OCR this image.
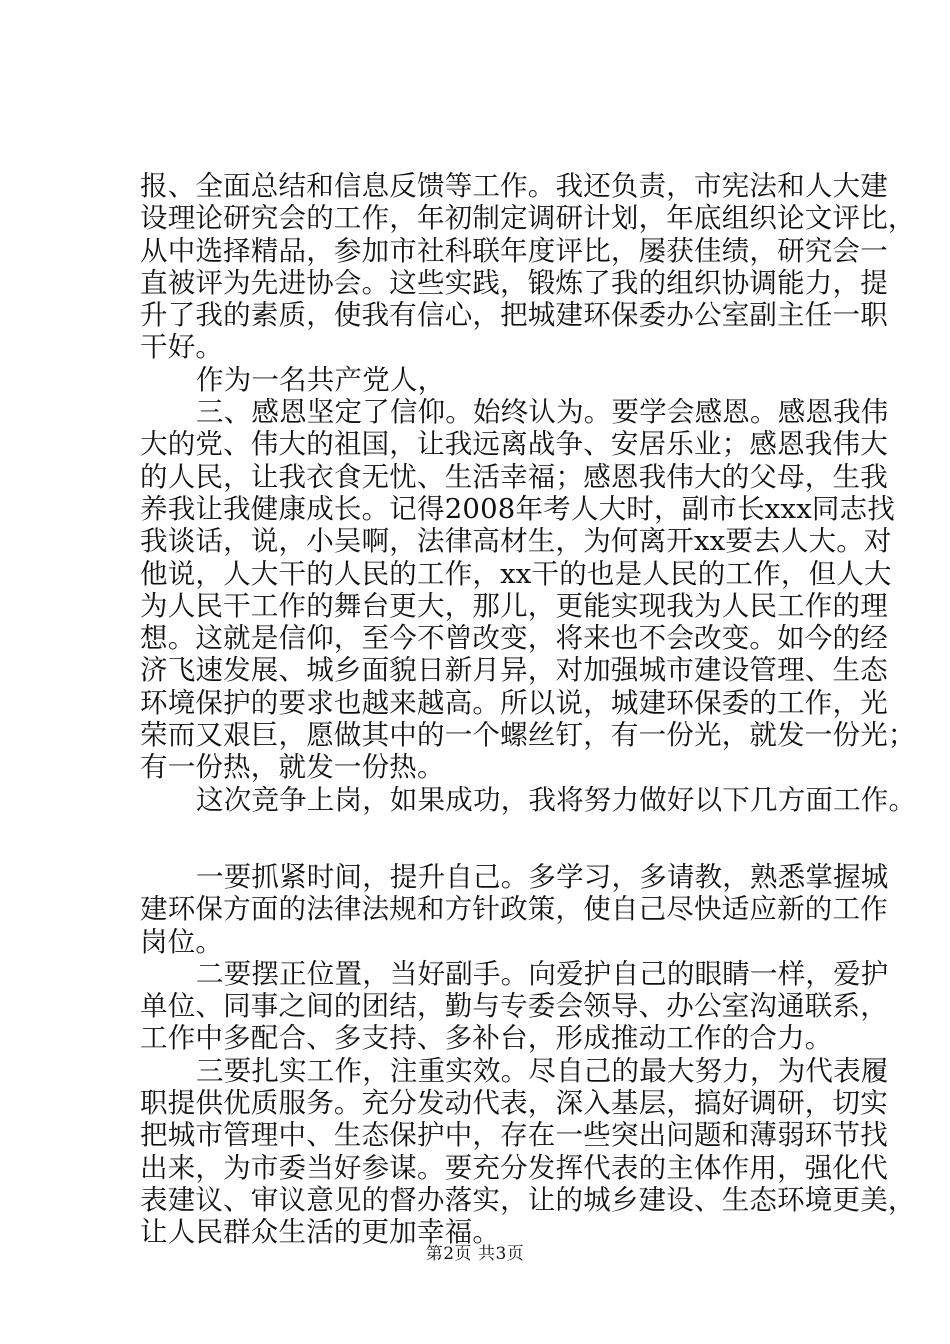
报、全面总结和信息反馈等工作。我还负责，市宪法和人大建
设理论研究会的工作，年初制定调研计划，年底组织论文评比，
从中选择精品，参加市社科联年度评比，屡获佳绩，研究会一
直被评为先进协会。这些实践，锻炼了我的组织协调能力，提
升了我的素质，使我有信心，把城建环保委办公室副主任一职
干好。
作为一名共产党人，
三、感恩坚定了信仰。始终认为。要学会感恩。感恩我伟
大的党、伟大的祖国，让我远离战争、安居乐业；感恩我伟大
的人民，让我衣食无忧、生活幸福；感恩我伟大的父母，生我
养我让我健康成长。记得2008年考人大时，副市长xxx同志找
我谈话，说，小吴啊，法律高材生，为何离开xx要去人大。对
他说，人大干的人民的工作，xx干的也是人民的工作，但人大
为人民干工作的舞台更大，那儿，更能实现我为人民工作的理
想。这就是信仰，至今不曾改变，将来也不会改变。如今的经
济飞速发展、城乡面貌日新月异，对加强城市建设管理、生态
环境保护的要求也越来越高。所以说，城建环保委的工作，光
荣而又艰巨，愿做其中的一个螺丝钉，有一份光，就发一份光；
有一份热，就发一份热。
这次竞争上岗，如果成功，我将努力做好以下几方面工作。
一要抓紧时间，提升自己。多学习，多请教，熟悉掌握城
建环保方面的法律法规和方针政策，使自己尽快适应新的工作
岗位。
二要摆正位置，当好副手。向爱护自己的眼睛一样，爱护
单位、同事之间的团结，勤与专委会领导、办公室沟通联系，
工作中多配合、多支持、多补台，形成推动工作的合力。
三要扎实工作，注重实效。尽自己的最大努力，为代表履
职提供优质服务。充分发动代表，深入基层，搞好调研，切实
把城市管理中、生态保护中，存在一些突出问题和薄弱环节找
出来，为市委当好参谋。要充分发挥代表的主体作用，强化代
表建议、审议意见的督办落实，让的城乡建设、生态环境更美，
让人民群众生活的更加幸福。
第2页 共3页
